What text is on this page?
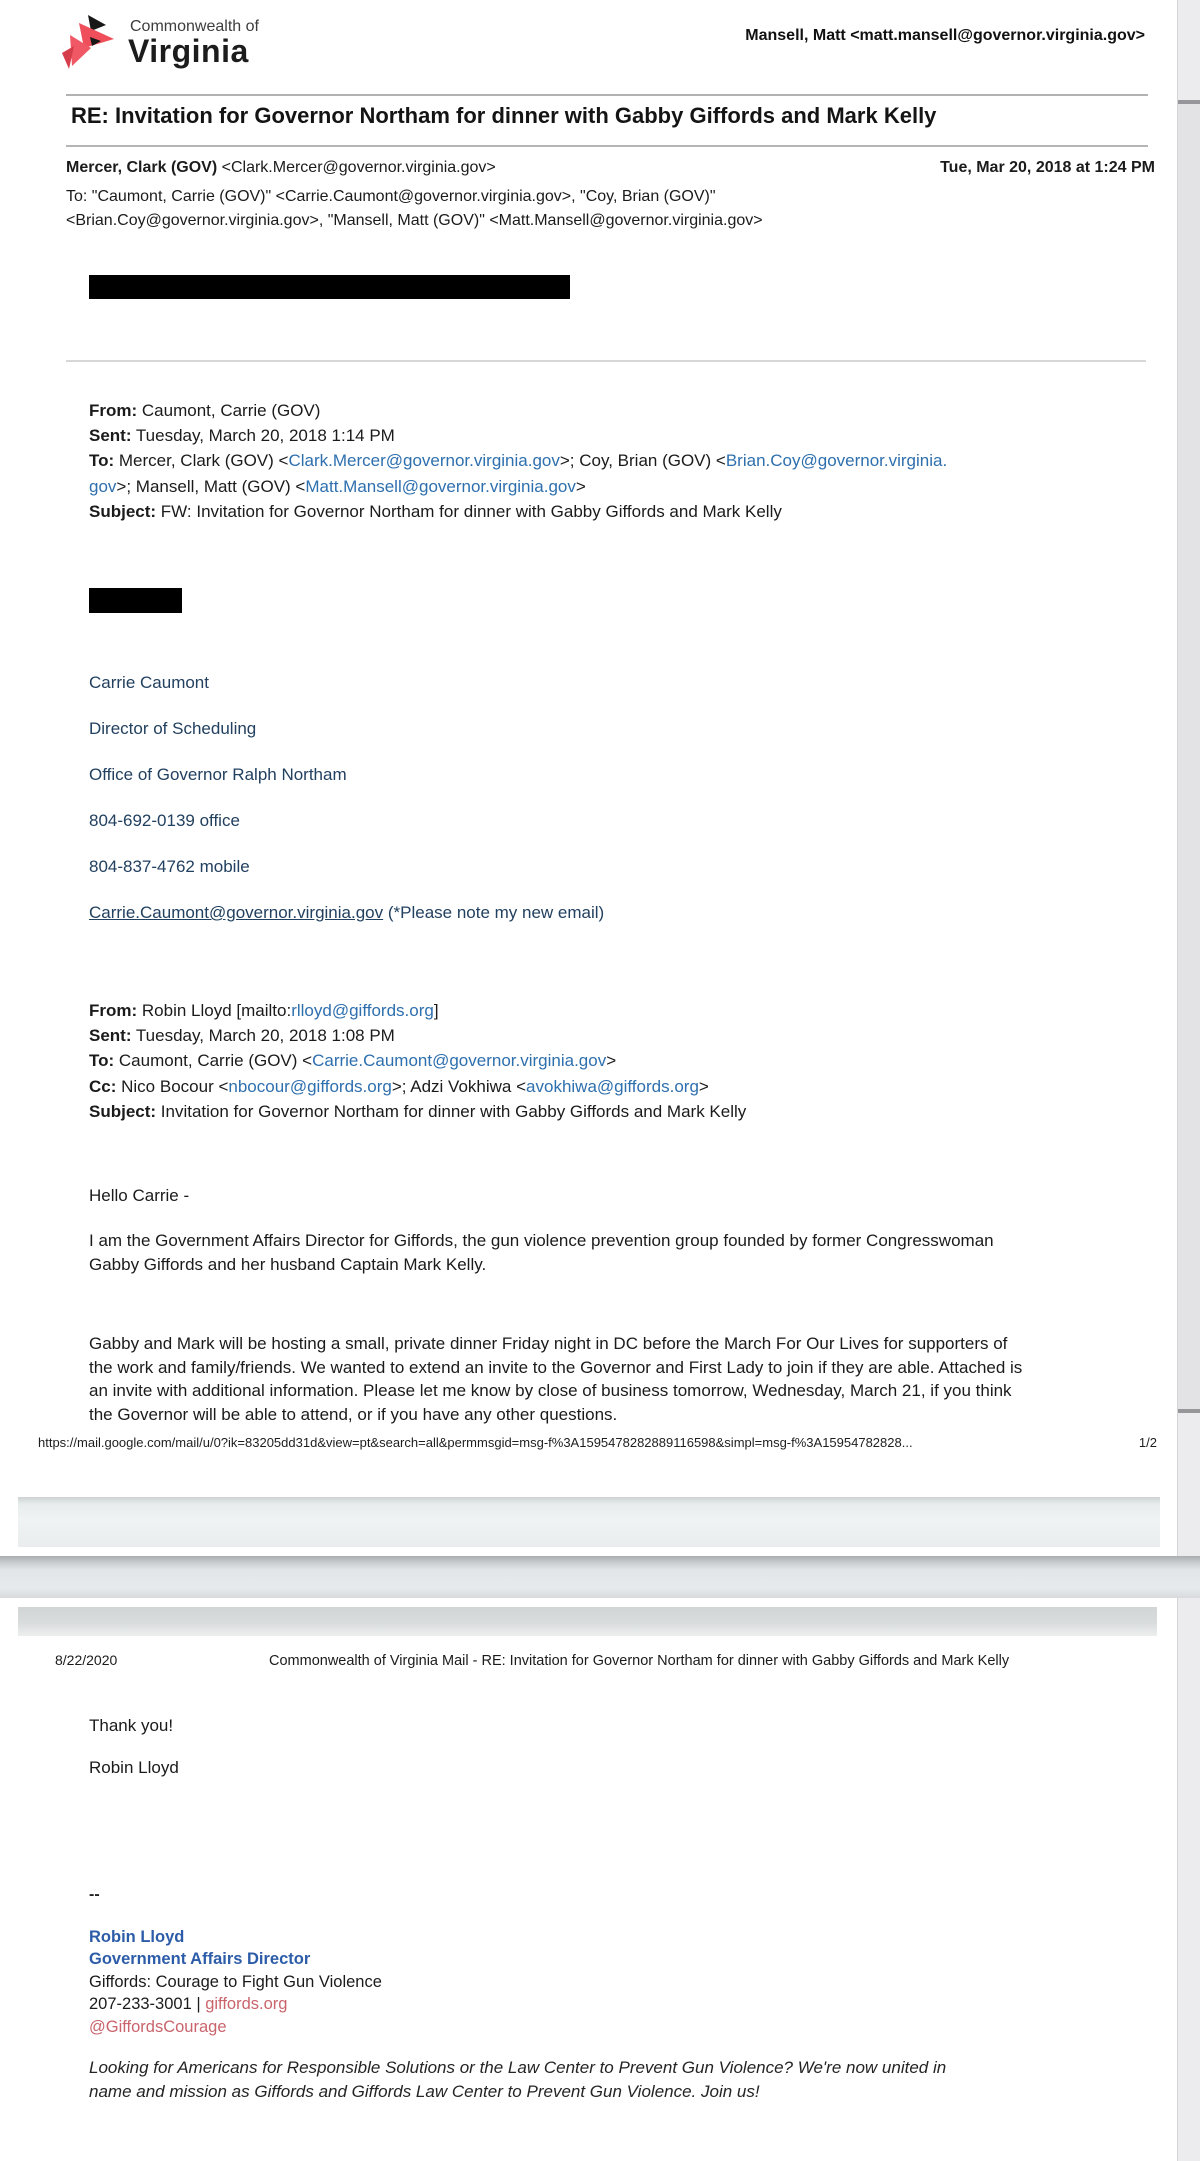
Commonwealth of
Virginia	Mansell, Matt <matt.mansell@governor.virginia.gov>
RE: Invitation for Governor Northam for dinner with Gabby Giffords and Mark Kelly
Mercer, Clark (GOV) <Clark.Mercer@governor.virginia.gov>	Tue, Mar 20, 2018 at 1:24 PM
To: "Caumont, Carrie (GOV)" <Carrie.Caumont@governor.virginia.gov>, "Coy, Brian (GOV)"
<Brian.Coy@governor.virginia.gov>, "Mansell, Matt (GOV)" <Matt.Mansell@governor.virginia.gov>
From: Caumont, Carrie (GOV)
Sent: Tuesday, March 20, 2018 1:14 PM
To: Mercer, Clark (GOV) <Clark.Mercer@governor.virginia.gov>; Coy, Brian (GOV) <Brian.Coy@governor.virginia.
gov>; Mansell, Matt (GOV) <Matt.Mansell@governor.virginia.gov>
Subject: FW: Invitation for Governor Northam for dinner with Gabby Giffords and Mark Kelly

Carrie Caumont

Director of Scheduling

Office of Governor Ralph Northam

804-692-0139 office

804-837-4762 mobile

Carrie.Caumont@governor.virginia.gov (*Please note my new email)

From: Robin Lloyd [mailto:rlloyd@giffords.org]
Sent: Tuesday, March 20, 2018 1:08 PM
To: Caumont, Carrie (GOV) <Carrie.Caumont@governor.virginia.gov>
Cc: Nico Bocour <nbocour@giffords.org>; Adzi Vokhiwa <avokhiwa@giffords.org>
Subject: Invitation for Governor Northam for dinner with Gabby Giffords and Mark Kelly
Hello Carrie -
I am the Government Affairs Director for Giffords, the gun violence prevention group founded by former Congresswoman
Gabby Giffords and her husband Captain Mark Kelly.
Gabby and Mark will be hosting a small, private dinner Friday night in DC before the March For Our Lives for supporters of
the work and family/friends. We wanted to extend an invite to the Governor and First Lady to join if they are able. Attached is
an invite with additional information. Please let me know by close of business tomorrow, Wednesday, March 21, if you think
the Governor will be able to attend, or if you have any other questions.
https://mail.google.com/mail/u/0?ik=83205dd31d&view=pt&search=all&permmsgid=msg-f%3A1595478282889116598&simpl=msg-f%3A15954782828...	1/2
8/22/2020	Commonwealth of Virginia Mail - RE: Invitation for Governor Northam for dinner with Gabby Giffords and Mark Kelly
Thank you!
Robin Lloyd
--
Robin Lloyd
Government Affairs Director
Giffords: Courage to Fight Gun Violence
207-233-3001 | giffords.org
@GiffordsCourage
Looking for Americans for Responsible Solutions or the Law Center to Prevent Gun Violence? We're now united in
name and mission as Giffords and Giffords Law Center to Prevent Gun Violence. Join us!
